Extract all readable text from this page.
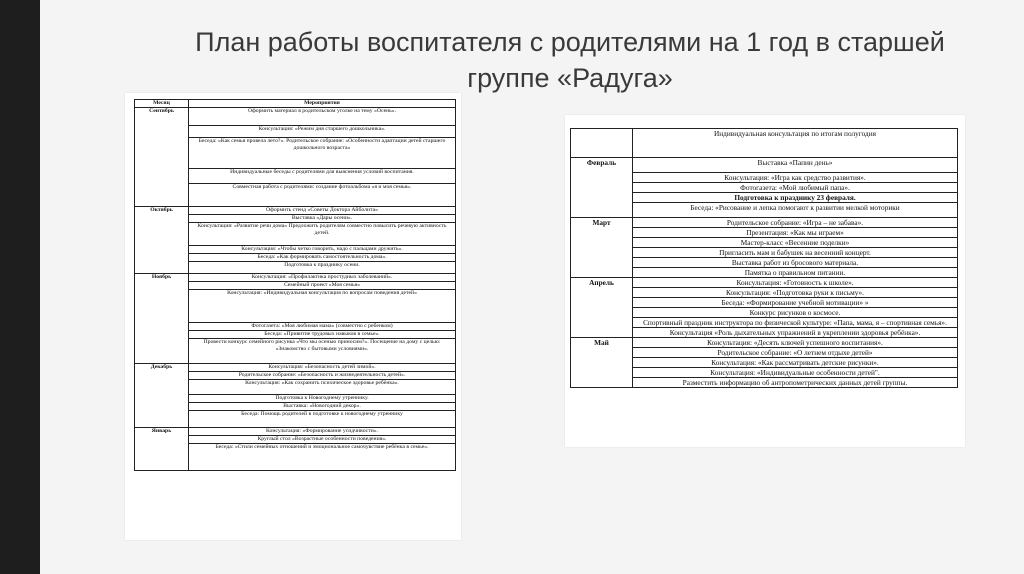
План работы воспитателя с родителями на 1 год в старшей
группе «Радуга»
Месяц	Мероприятия
Сентябрь	Оформить материал в родительском уголке на тему «Осень».
	Консультация: «Режим дня старшего дошкольника».
	Беседа: «Как семья провела лето?». Родительское собрание: «Особенности адаптации детей старшего дошкольного возраста»
	Индивидуальные беседы с родителями для выяснения условий воспитания.
	Совместная работа с родителями: создание фотоальбома «я и моя семья».
Октябрь	Оформить стенд «Советы Доктора Айболита»
	Выставка «Дары осени».
	Консультация: «Развитие речи дома» Предложить родителям совместно повысить речевую активность детей.
	Консультация: «Чтобы четко говорить, надо с пальцами дружить».
	Беседа: «Как формировать самостоятельность дома».
	Подготовка к празднику осени.
Ноябрь	Консультация: «Профилактика простудных заболеваний».
	Семейный проект «Моя семья»
	Консультация: «Индивидуальная консультация по вопросам поведения детей»
	Фотогазета: «Моя любимая мама» (совместно с ребенком)
	Беседа: «Привитие трудовых навыков в семье».
	Провести конкурс семейного рисунка «Что мы осенью приносим?». Посещение на дому с целью: «Знакомство с бытовыми условиями».
Декабрь	Консультация: «Безопасность детей зимой».
	Родительское собрание: «Безопасность и жизнедеятельность детей».
	Консультация: «Как сохранить психическое здоровье ребёнка».
	Подготовка к Новогоднему утреннику.
	Выставка: «Новогодний декор».
	Беседа: Помощь родителей в подготовке к новогоднему утреннику
Январь	Консультация: «Формирование усидчивости».
	Круглый стол «Возрастные особенности поведения».
	Беседа: «Стили семейных отношений и эмоциональное самочувствие ребёнка в семье».
	Индивидуальная консультация по итогам полугодия
Февраль	Выставка «Папин день»
	Консультация: «Игра как средство развития».
	Фотогазета: «Мой любимый папа».
	Подготовка к празднику 23 февраля.
	Беседа: «Рисование и лепка помогают к развитии мелкой моторики
Март	Родительское собрание: «Игра – не забава».
	Презентация: «Как мы играем»
	Мастер-класс «Весенние поделки»
	Пригласить мам и бабушек на весенний концерт.
	Выставка работ из бросового материала.
	Памятка о правильном питании.
Апрель	Консультация: «Готовность к школе».
	Консультация: «Подготовка руки к письму».
	Беседа: «Формирование учебной мотивации» »
	Конкурс рисунков о космосе.
	Спортивный праздник инструктора по физической культуре: «Папа, мама, я – спортивная семья».
	Консультация «Роль дыхательных упражнений в укреплении здоровья ребёнка».
Май	Консультация: «Десять ключей успешного воспитания».
	Родительское собрание: «О летнем отдыхе детей»
	Консультация: «Как рассматривать детские рисунки».
	Консультация: «Индивидуальные особенности детей".
	Разместить информацию об антропометрических данных детей группы.
